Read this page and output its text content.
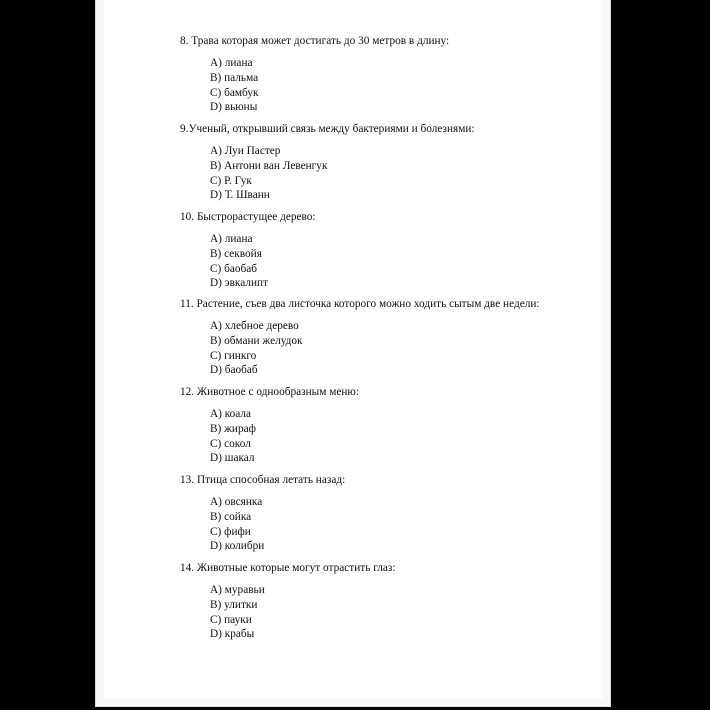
8. Трава которая может достигать до 30 метров в длину:
A) лиана
B) пальма
C) бамбук
D) вьюны
9.Ученый, открывший связь между бактериями и болезнями:
A) Луи Пастер
B) Антони ван Левенгук
C) Р. Гук
D) Т. Шванн
10. Быстрорастущее дерево:
A) лиана
B) секвойя
C) баобаб
D) эвкалипт
11. Растение, съев два листочка которого можно ходить сытым две недели:
A) хлебное дерево
B) обмани желудок
C) гинкго
D) баобаб
12. Животное с однообразным меню:
A) коала
B) жираф
C) сокол
D) шакал
13. Птица способная летать назад:
A) овсянка
B) сойка
C) фифи
D) колибри
14. Животные которые могут отрастить глаз:
A) муравьи
B) улитки
C) пауки
D) крабы
